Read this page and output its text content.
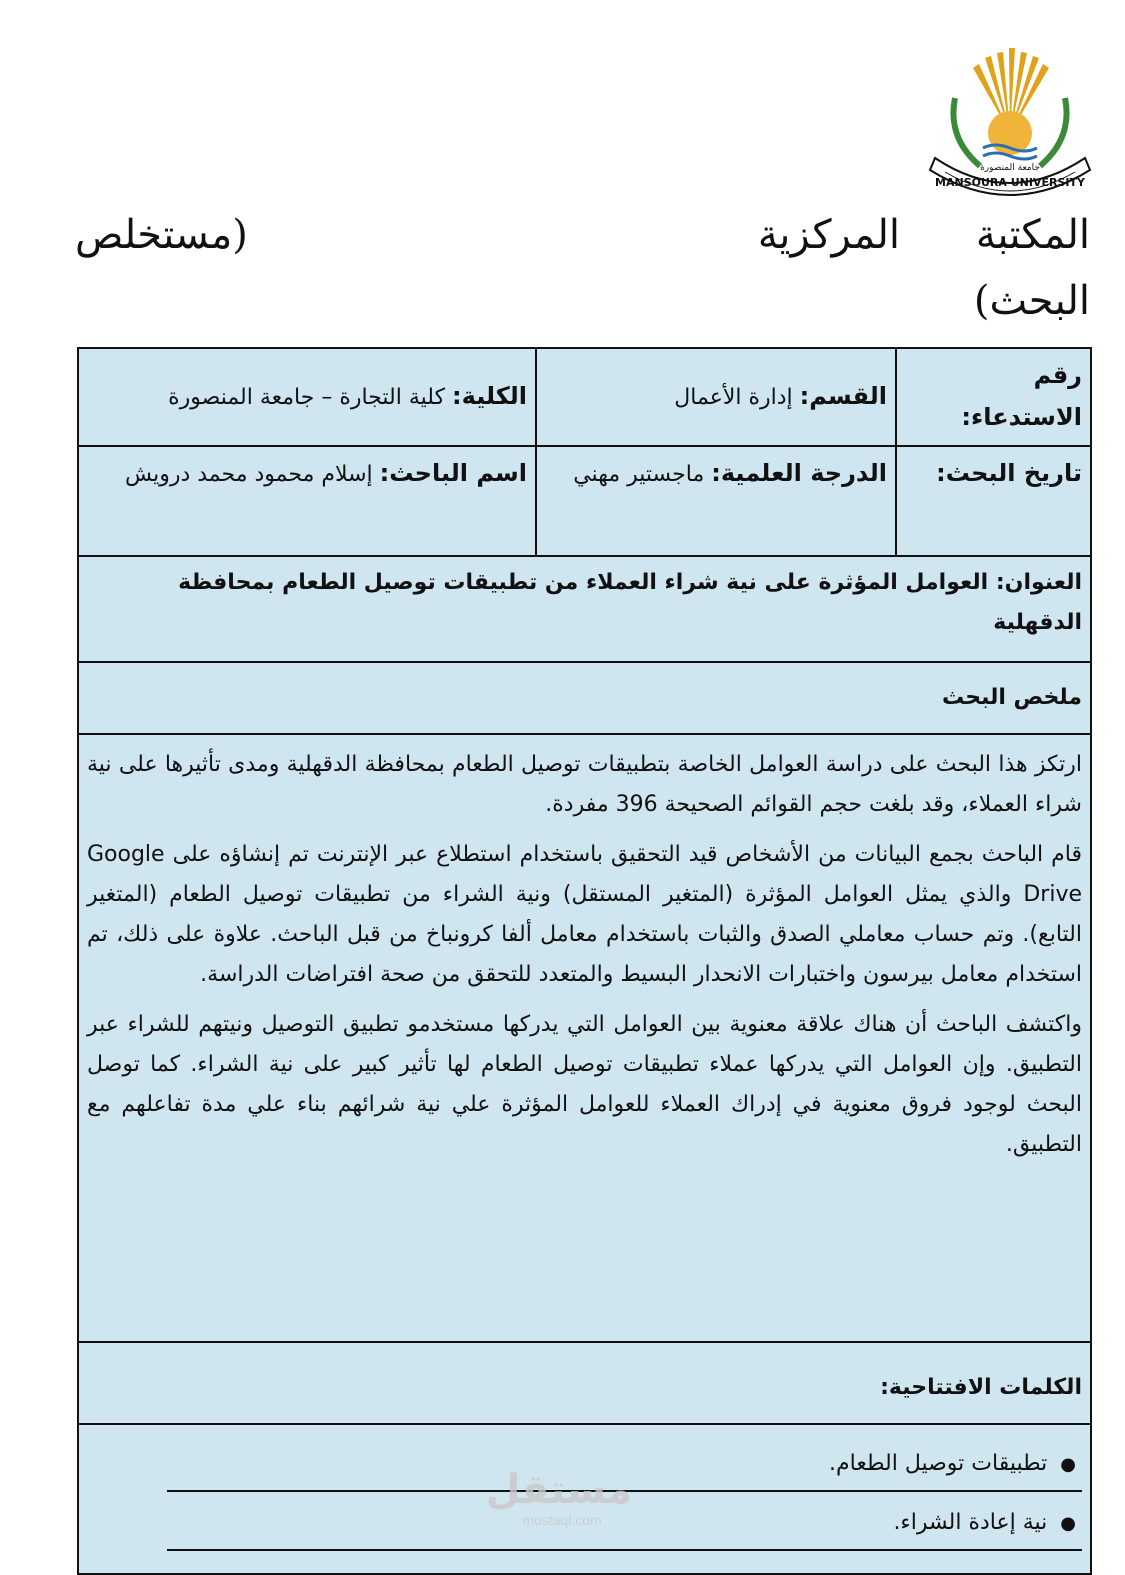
MANSOURA UNIVERSITY
جامعة المنصورة
المكتبة
المركزية
(مستخلص
البحث)
رقم الاستدعاء:	القسم: إدارة الأعمال	الكلية: كلية التجارة – جامعة المنصورة
تاريخ البحث:	الدرجة العلمية: ماجستير مهني	اسم الباحث: إسلام محمود محمد درويش
العنوان: العوامل المؤثرة على نية شراء العملاء من تطبيقات توصيل الطعام بمحافظة الدقهلية		
ملخص البحث		

ارتكز هذا البحث على دراسة العوامل الخاصة بتطبيقات توصيل الطعام بمحافظة الدقهلية ومدى تأثيرها على نية شراء العملاء، وقد بلغت حجم القوائم الصحيحة 396 مفردة.

قام الباحث بجمع البيانات من الأشخاص قيد التحقيق باستخدام استطلاع عبر الإنترنت تم إنشاؤه على Google Drive والذي يمثل العوامل المؤثرة (المتغير المستقل) ونية الشراء من تطبيقات توصيل الطعام (المتغير التابع). وتم حساب معاملي الصدق والثبات باستخدام معامل ألفا كرونباخ من قبل الباحث. علاوة على ذلك، تم استخدام معامل بيرسون واختبارات الانحدار البسيط والمتعدد للتحقق من صحة افتراضات الدراسة.

واكتشف الباحث أن هناك علاقة معنوية بين العوامل التي يدركها مستخدمو تطبيق التوصيل ونيتهم للشراء عبر التطبيق. وإن العوامل التي يدركها عملاء تطبيقات توصيل الطعام لها تأثير كبير على نية الشراء. كما توصل البحث لوجود فروق معنوية في إدراك العملاء للعوامل المؤثرة علي نية شرائهم بناء علي مدة تفاعلهم مع التطبيق.		

الكلمات الافتتاحية:		

● تطبيقات توصيل الطعام.
● نية إعادة الشراء.		
مستقل
mostaql.com
